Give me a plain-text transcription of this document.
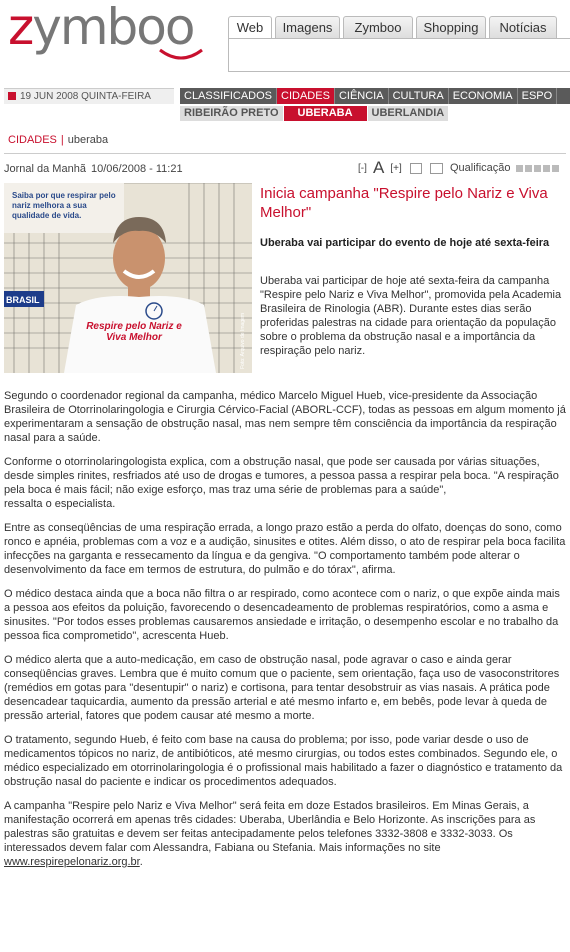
zymboo	Web	Imagens	Zymboo	Shopping	Notícias
19 JUN 2008 QUINTA-FEIRA	CLASSIFICADOS CIDADES CIÊNCIA CULTURA ECONOMIA ESPO
RIBEIRÃO PRETO UBERABA UBERLANDIA
CIDADES | uberaba
Jornal da Manhã 10/06/2008 - 11:21	[-] A [+]	Qualificação
BRASIL
Respire pelo Nariz e Viva Melhor
Saiba por que respirar pelo nariz melhora a sua qualidade de vida.
Foto: Arquivo de Imagem
Inicia campanha "Respire pelo Nariz e Viva Melhor"
Uberaba vai participar do evento de hoje até sexta-feira
Uberaba vai participar de hoje até sexta-feira da campanha "Respire pelo Nariz e Viva Melhor", promovida pela Academia Brasileira de Rinologia (ABR). Durante estes dias serão proferidas palestras na cidade para orientação da população sobre o problema da obstrução nasal e a importância da respiração pelo nariz.

Segundo o coordenador regional da campanha, médico Marcelo Miguel Hueb, vice-presidente da Associação Brasileira de Otorrinolaringologia e Cirurgia Cérvico-Facial (ABORL-CCF), todas as pessoas em algum momento já experimentaram a sensação de obstrução nasal, mas nem sempre têm consciência da importância da respiração nasal para a saúde.

Conforme o otorrinolaringologista explica, com a obstrução nasal, que pode ser causada por várias situações, desde simples rinites, resfriados até uso de drogas e tumores, a pessoa passa a respirar pela boca. "A respiração pela boca é mais fácil; não exige esforço, mas traz uma série de problemas para a saúde",

ressalta o especialista.

Entre as conseqüências de uma respiração errada, a longo prazo estão a perda do olfato, doenças do sono, como ronco e apnéia, problemas com a voz e a audição, sinusites e otites. Além disso, o ato de respirar pela boca facilita infecções na garganta e ressecamento da língua e da gengiva. "O comportamento também pode alterar o desenvolvimento da face em termos de estrutura, do pulmão e do tórax", afirma.

O médico destaca ainda que a boca não filtra o ar respirado, como acontece com o nariz, o que expõe ainda mais a pessoa aos efeitos da poluição, favorecendo o desencadeamento de problemas respiratórios, como a asma e sinusites. "Por todos esses problemas causaremos ansiedade e irritação, o desempenho escolar e no trabalho da pessoa fica comprometido", acrescenta Hueb.

O médico alerta que a auto-medicação, em caso de obstrução nasal, pode agravar o caso e ainda gerar conseqüências graves. Lembra que é muito comum que o paciente, sem orientação, faça uso de vasoconstritores (remédios em gotas para "desentupir" o nariz) e cortisona, para tentar desobstruir as vias nasais. A prática pode desencadear taquicardia, aumento da pressão arterial e até mesmo infarto e, em bebês, pode levar à queda de pressão arterial, fatores que podem causar até mesmo a morte.

O tratamento, segundo Hueb, é feito com base na causa do problema; por isso, pode variar desde o uso de medicamentos tópicos no nariz, de antibióticos, até mesmo cirurgias, ou todos estes combinados. Segundo ele, o médico especializado em otorrinolaringologia é o profissional mais habilitado a fazer o diagnóstico e tratamento da obstrução nasal do paciente e indicar os procedimentos adequados.

A campanha "Respire pelo Nariz e Viva Melhor" será feita em doze Estados brasileiros. Em Minas Gerais, a manifestação ocorrerá em apenas três cidades: Uberaba, Uberlândia e Belo Horizonte. As inscrições para as palestras são gratuitas e devem ser feitas antecipadamente pelos telefones 3332-3808 e 3332-3033. Os interessados devem falar com Alessandra, Fabiana ou Stefania. Mais informações no site www.respirepelonariz.org.br.
